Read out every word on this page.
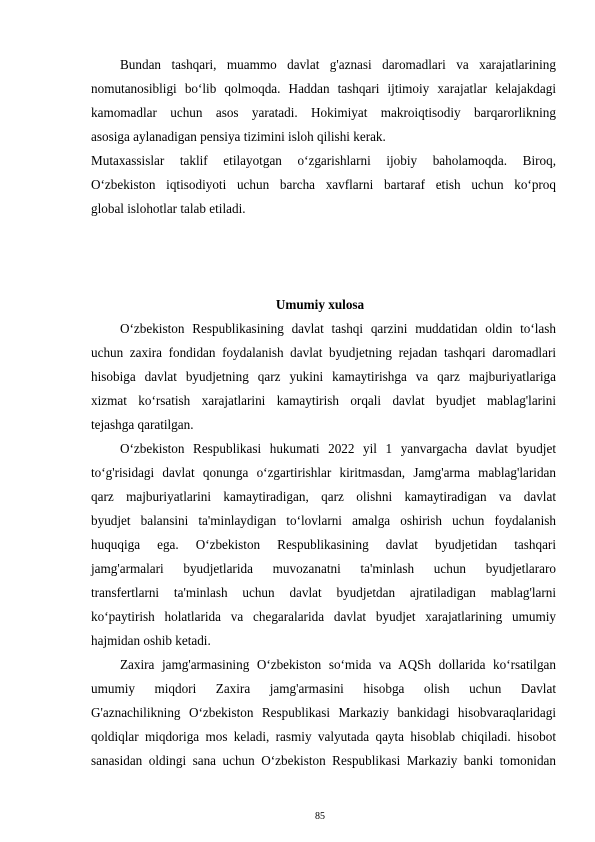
Bundan tashqari, muammo davlat g'aznasi daromadlari va xarajatlarining
nomutanosibligi bo‘lib qolmoqda. Haddan tashqari ijtimoiy xarajatlar kelajakdagi
kamomadlar uchun asos yaratadi. Hokimiyat makroiqtisodiy barqarorlikning
asosiga aylanadigan pensiya tizimini isloh qilishi kerak.
Mutaxassislar taklif etilayotgan o‘zgarishlarni ijobiy baholamoqda. Biroq,
O‘zbekiston iqtisodiyoti uchun barcha xavflarni bartaraf etish uchun ko‘proq
global islohotlar talab etiladi.
Umumiy xulosa
O‘zbekiston Respublikasining davlat tashqi qarzini muddatidan oldin to‘lash
uchun zaxira fondidan foydalanish davlat byudjetning rejadan tashqari daromadlari
hisobiga davlat byudjetning qarz yukini kamaytirishga va qarz majburiyatlariga
xizmat ko‘rsatish xarajatlarini kamaytirish orqali davlat byudjet mablag'larini
tejashga qaratilgan.
O‘zbekiston Respublikasi hukumati 2022 yil 1 yanvargacha davlat byudjet
to‘g'risidagi davlat qonunga o‘zgartirishlar kiritmasdan, Jamg'arma mablag'laridan
qarz majburiyatlarini kamaytiradigan, qarz olishni kamaytiradigan va davlat
byudjet balansini ta'minlaydigan to‘lovlarni amalga oshirish uchun foydalanish
huquqiga ega. O‘zbekiston Respublikasining davlat byudjetidan tashqari
jamg'armalari byudjetlarida muvozanatni ta'minlash uchun byudjetlararo
transfertlarni ta'minlash uchun davlat byudjetdan ajratiladigan mablag'larni
ko‘paytirish holatlarida va chegaralarida davlat byudjet xarajatlarining umumiy
hajmidan oshib ketadi.
Zaxira jamg'armasining O‘zbekiston so‘mida va AQSh dollarida ko‘rsatilgan
umumiy miqdori Zaxira jamg'armasini hisobga olish uchun Davlat
G'aznachilikning O‘zbekiston Respublikasi Markaziy bankidagi hisobvaraqlaridagi
qoldiqlar miqdoriga mos keladi, rasmiy valyutada qayta hisoblab chiqiladi. hisobot
sanasidan oldingi sana uchun O‘zbekiston Respublikasi Markaziy banki tomonidan
85
